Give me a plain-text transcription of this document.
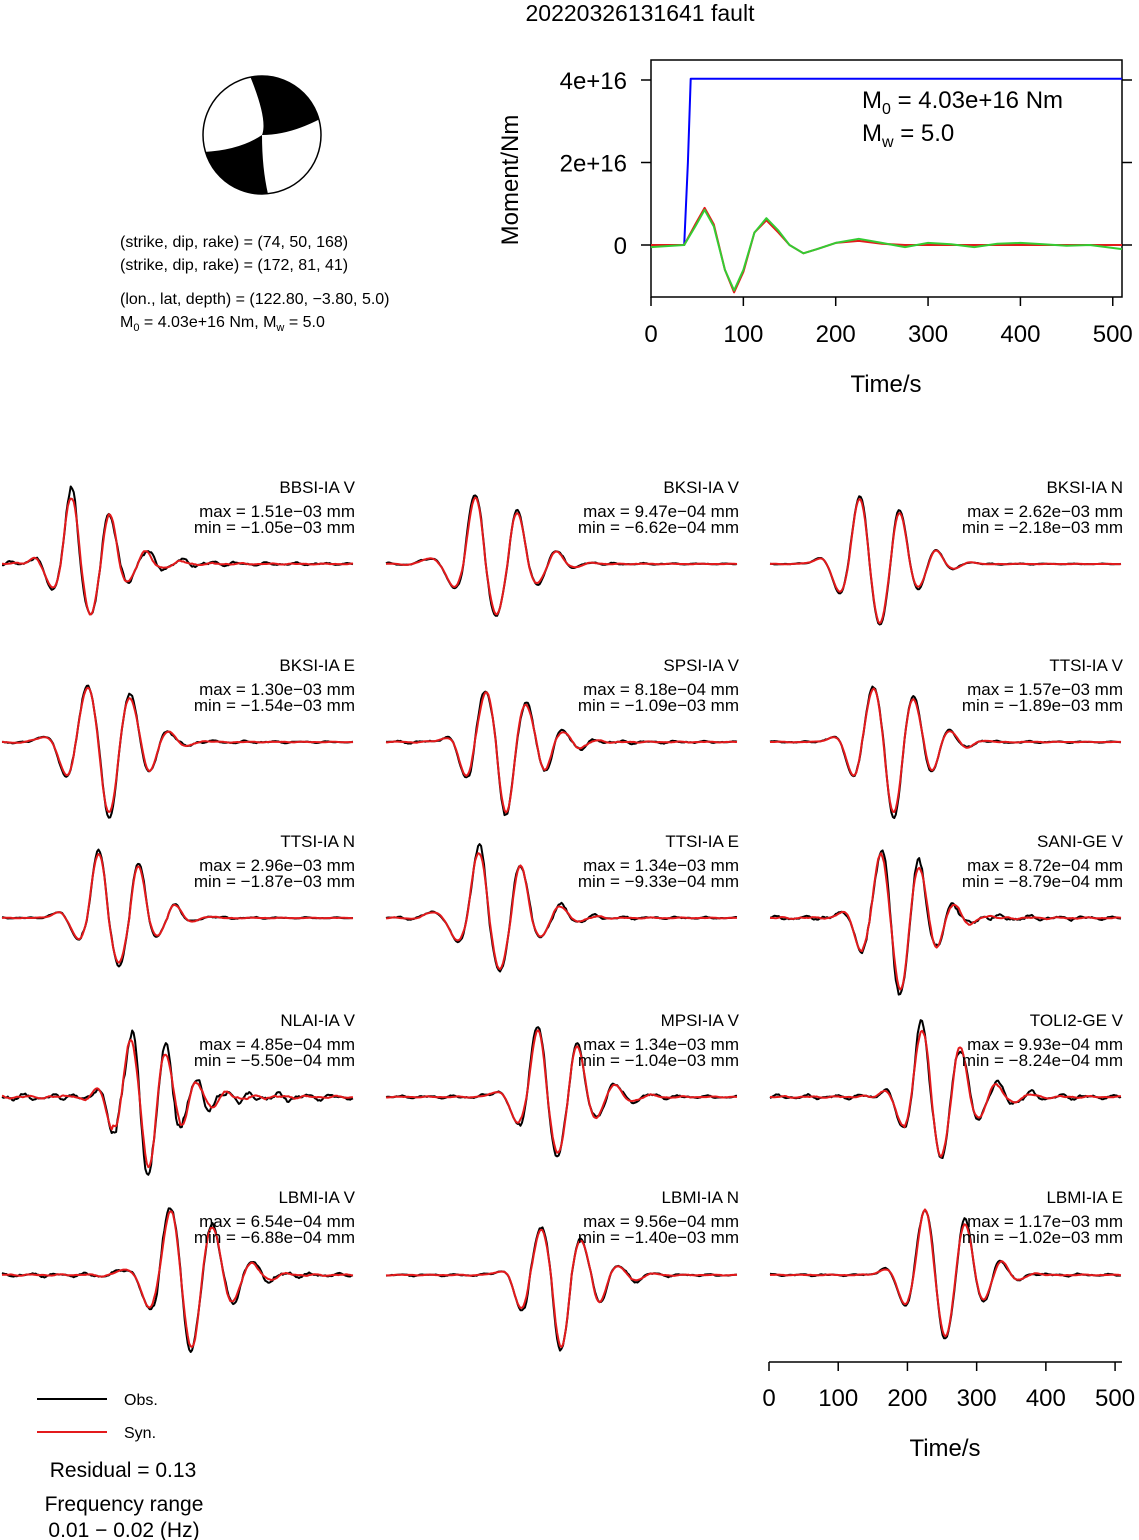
20220326131641 fault
(strike, dip, rake) = (74, 50, 168)
(strike, dip, rake) = (172, 81, 41)
(lon., lat, depth) = (122.80, −3.80, 5.0)
$M_0 = 4.03e+16$ Nm, $M_w = 5.0$
0
2e+16
4e+16
0	100 200 300 400 500
Moment/Nm
Time/s
$M_0 = 4.03e+16$ Nm
$M_w = 5.0$
BBSI-IA V
max = 1.51e−03 mm
min = −1.05e−03 mm
BKSI-IA V
max = 9.47e−04 mm
min = −6.62e−04 mm
BKSI-IA N
max = 2.62e−03 mm
min = −2.18e−03 mm
BKSI-IA E
max = 1.30e−03 mm
min = −1.54e−03 mm
SPSI-IA V
max = 8.18e−04 mm
min = −1.09e−03 mm
TTSI-IA V
max = 1.57e−03 mm
min = −1.89e−03 mm
TTSI-IA N
max = 2.96e−03 mm
min = −1.87e−03 mm
TTSI-IA E
max = 1.34e−03 mm
min = −9.33e−04 mm
SANI-GE V
max = 8.72e−04 mm
min = −8.79e−04 mm
NLAI-IA V
max = 4.85e−04 mm
min = −5.50e−04 mm
MPSI-IA V
max = 1.34e−03 mm
min = −1.04e−03 mm
TOLI2-GE V
max = 9.93e−04 mm
min = −8.24e−04 mm
LBMI-IA V
max = 6.54e−04 mm
min = −6.88e−04 mm
LBMI-IA N
max = 9.56e−04 mm
min = −1.40e−03 mm
LBMI-IA E
max = 1.17e−03 mm
min = −1.02e−03 mm
Time/s
0 100 200 300 400 500
Obs.
Syn.
Residual = 0.13
Frequency range
0.01 − 0.02 (Hz)
